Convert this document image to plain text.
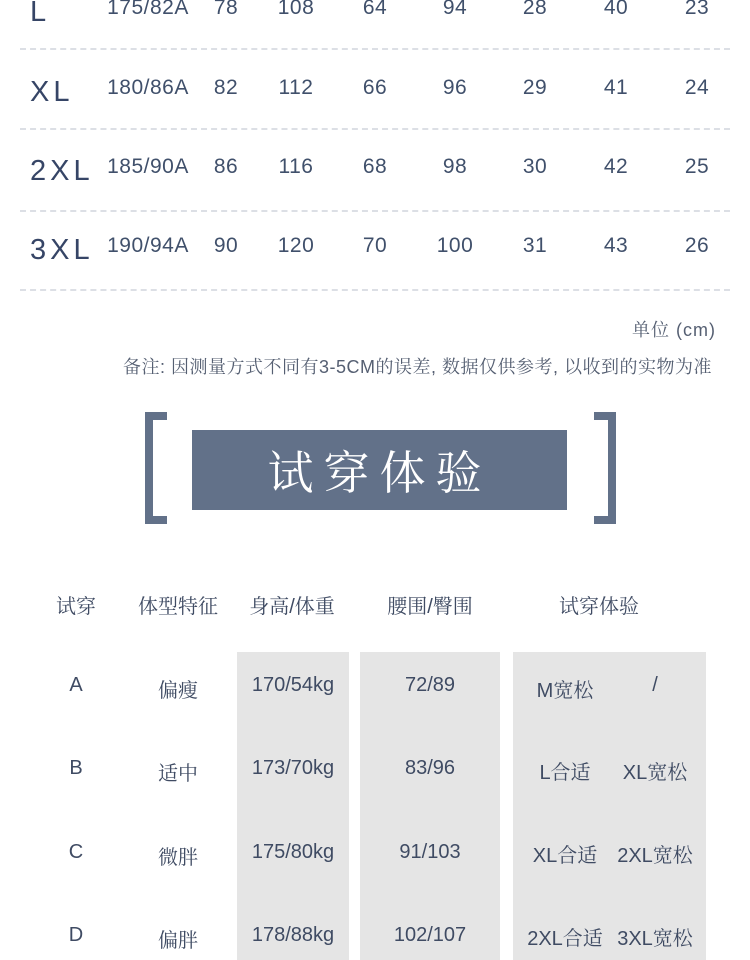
L	175/82A 78 108 64	94	28	40	23
XL 180/86A 82 112 66	96	29	41	24
2XL 185/90A 86 116 68	98	30	42	25
3XL 190/94A 90 120 70 100 31	43	26
单位 (cm)
备注: 因测量方式不同有3-5CM的误差, 数据仅供参考, 以收到的实物为准
试穿体验
试穿 体型特征 身高/体重	腰围/臀围	试穿体验
A	偏瘦	170/54kg	72/89	M宽松	/
B	适中	173/70kg	83/96	L合适 XL宽松
C	微胖	175/80kg	91/103	XL合适 2XL宽松
D	偏胖	178/88kg	102/107	2XL合适 3XL宽松
